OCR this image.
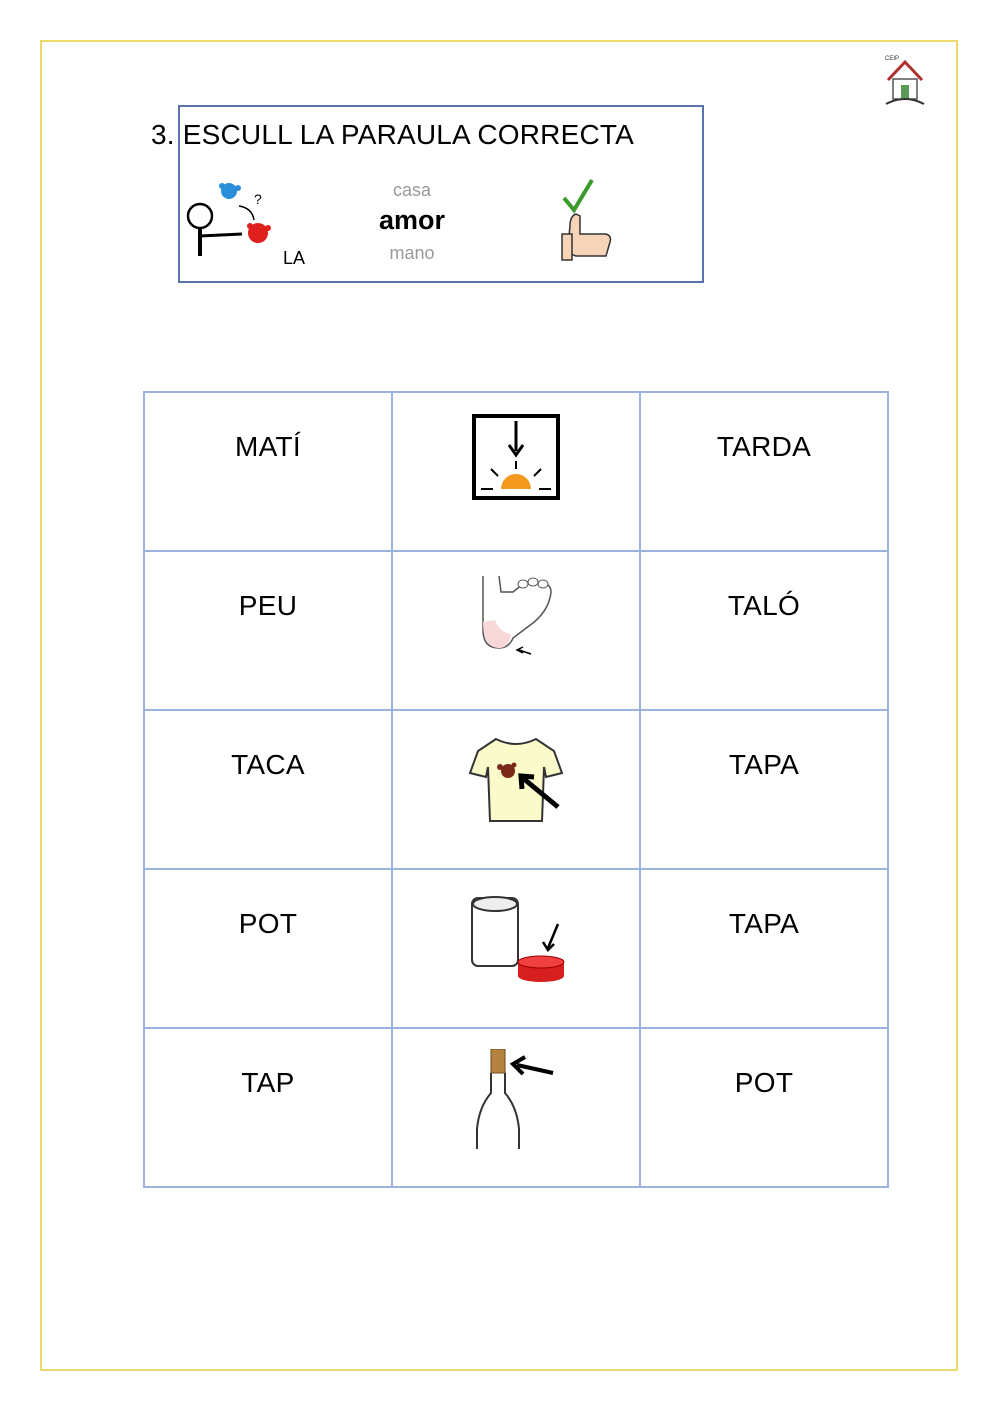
CEIP
3. ESCULL LA PARAULA CORRECTA
?
LA
casa
amor
mano
MATÍ		TARDA

PEU		TALÓ

TACA		TAPA

POT		TAPA

TAP		POT
